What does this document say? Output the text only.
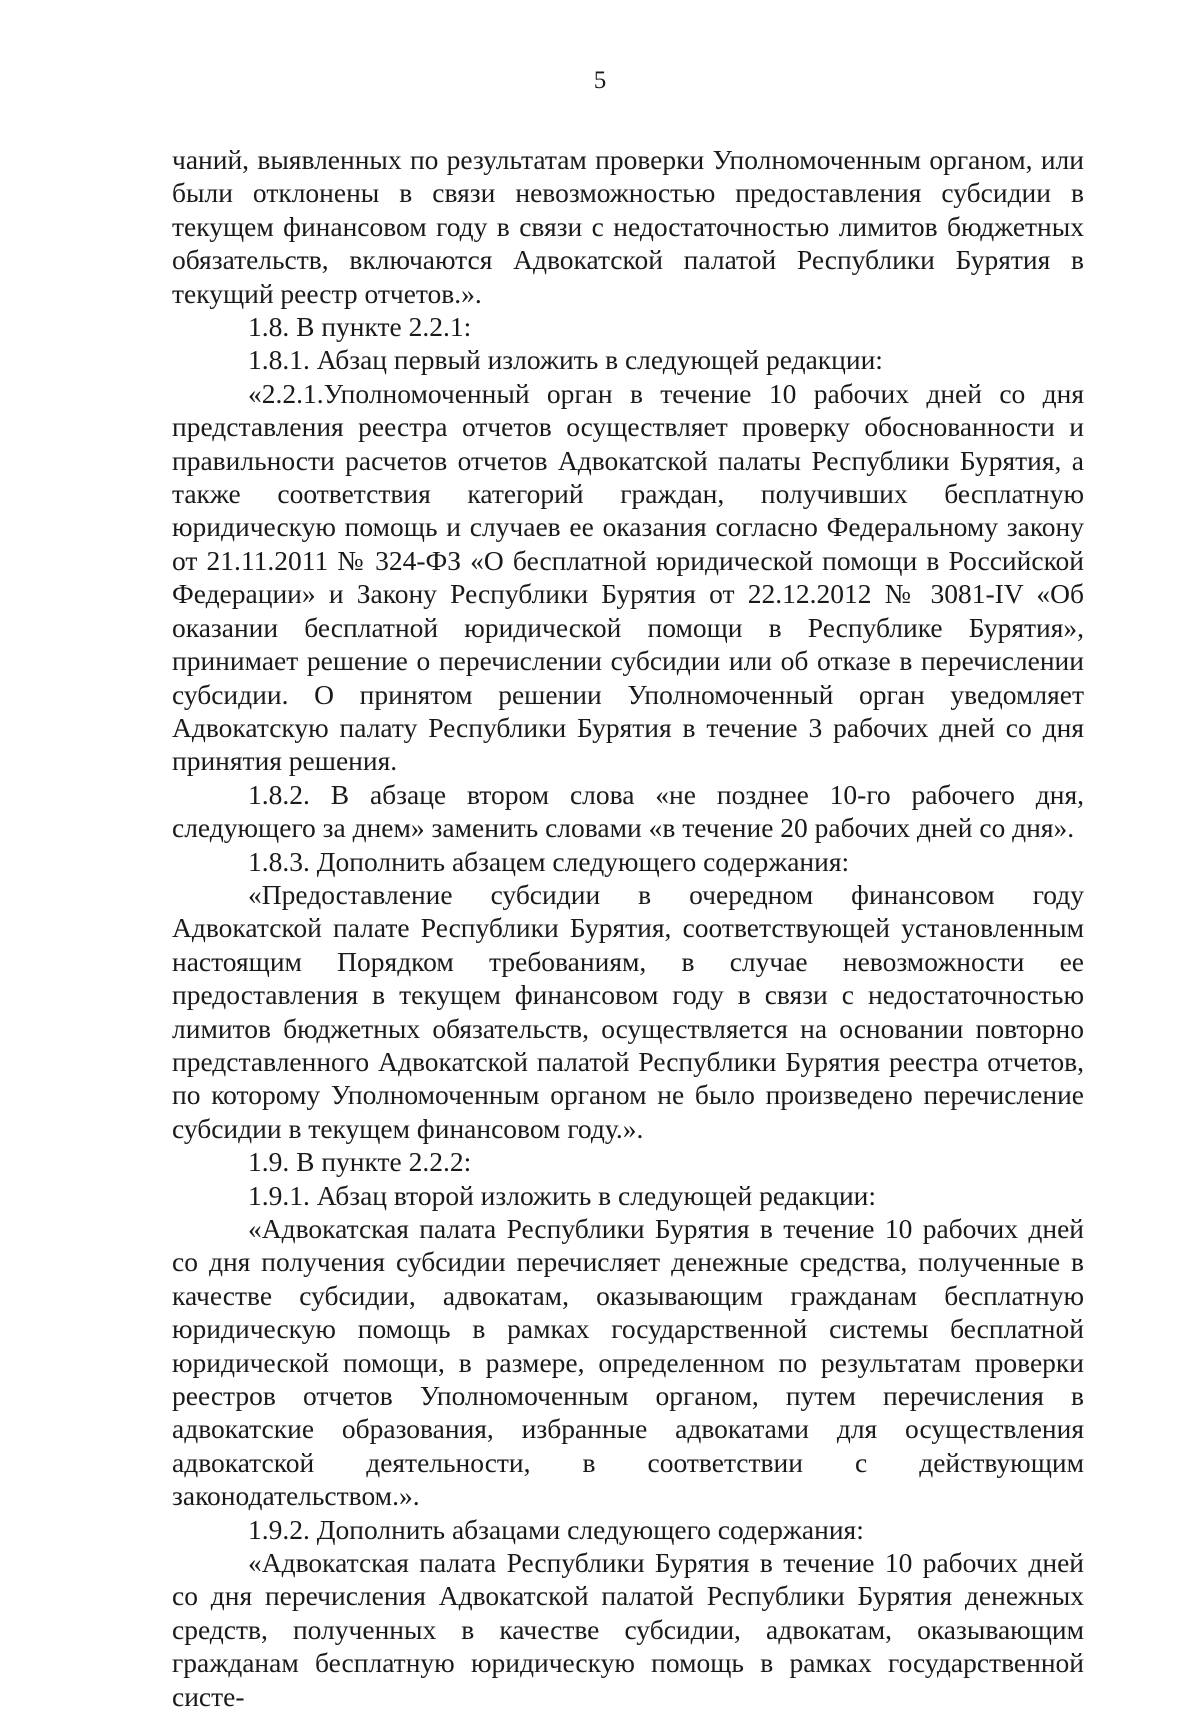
5

чаний, выявленных по результатам проверки Уполномоченным органом, или были отклонены в связи невозможностью предоставления субсидии в текущем финансовом году в связи с недостаточностью лимитов бюджетных обязательств, включаются Адвокатской палатой Республики Бурятия в текущий реестр отчетов.».

1.8. В пункте 2.2.1:

1.8.1. Абзац первый изложить в следующей редакции:

«2.2.1.Уполномоченный орган в течение 10 рабочих дней со дня представления реестра отчетов осуществляет проверку обоснованности и правильности расчетов отчетов Адвокатской палаты Республики Бурятия, а также соответствия категорий граждан, получивших бесплатную юридическую помощь и случаев ее оказания согласно Федеральному закону от 21.11.2011 № 324-ФЗ «О бесплатной юридической помощи в Российской Федерации» и Закону Республики Бурятия от 22.12.2012 № 3081-IV «Об оказании бесплатной юридической помощи в Республике Бурятия», принимает решение о перечислении субсидии или об отказе в перечислении субсидии. О принятом решении Уполномоченный орган уведомляет Адвокатскую палату Республики Бурятия в течение 3 рабочих дней со дня принятия решения.

1.8.2. В абзаце втором слова «не позднее 10-го рабочего дня, следующего за днем» заменить словами «в течение 20 рабочих дней со дня».

1.8.3. Дополнить абзацем следующего содержания:

«Предоставление субсидии в очередном финансовом году Адвокатской палате Республики Бурятия, соответствующей установленным настоящим Порядком требованиям, в случае невозможности ее предоставления в текущем финансовом году в связи с недостаточностью лимитов бюджетных обязательств, осуществляется на основании повторно представленного Адвокатской палатой Республики Бурятия реестра отчетов, по которому Уполномоченным органом не было произведено перечисление субсидии в текущем финансовом году.».

1.9. В пункте 2.2.2:

1.9.1. Абзац второй изложить в следующей редакции:

«Адвокатская палата Республики Бурятия в течение 10 рабочих дней со дня получения субсидии перечисляет денежные средства, полученные в качестве субсидии, адвокатам, оказывающим гражданам бесплатную юридическую помощь в рамках государственной системы бесплатной юридической помощи, в размере, определенном по результатам проверки реестров отчетов Уполномоченным органом, путем перечисления в адвокатские образования, избранные адвокатами для осуществления адвокатской деятельности, в соответствии с действующим законодательством.».

1.9.2. Дополнить абзацами следующего содержания:

«Адвокатская палата Республики Бурятия в течение 10 рабочих дней со дня перечисления Адвокатской палатой Республики Бурятия денежных средств, полученных в качестве субсидии, адвокатам, оказывающим гражданам бесплатную юридическую помощь в рамках государственной систе-
